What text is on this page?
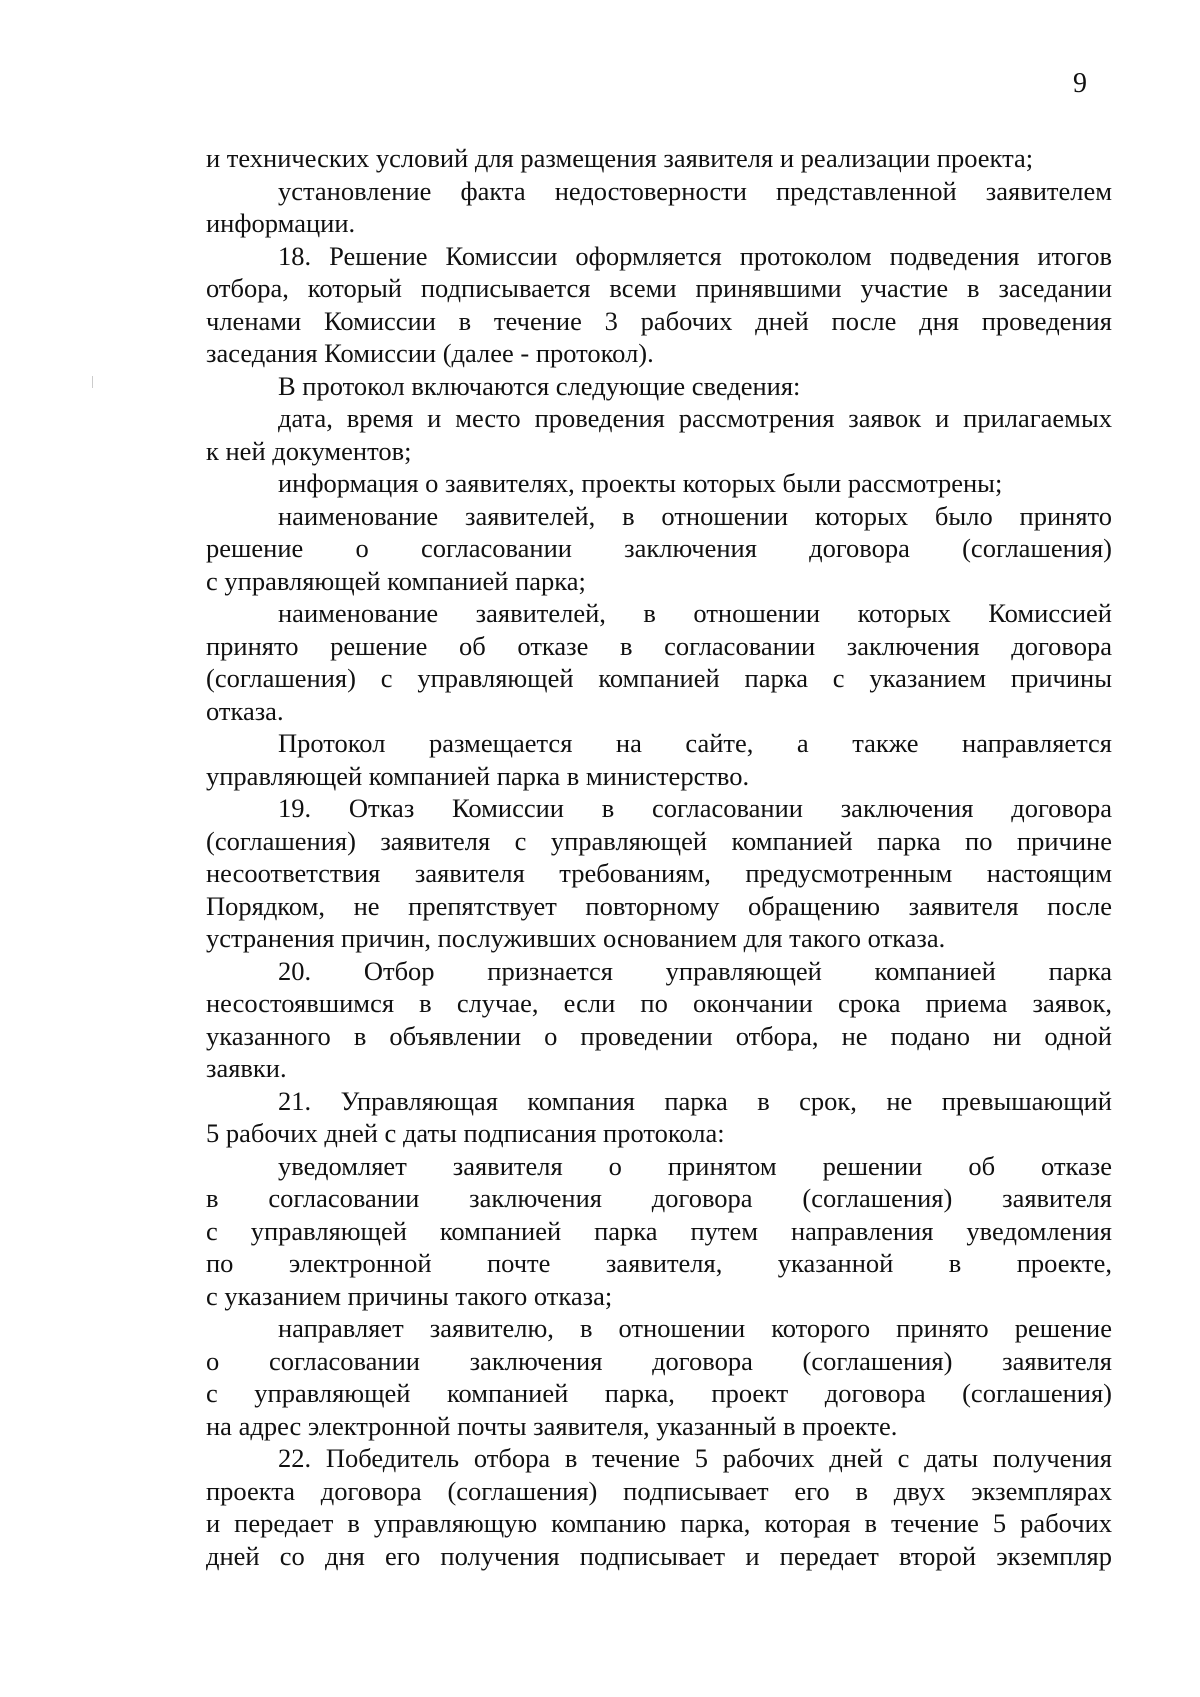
9
и технических условий для размещения заявителя и реализации проекта;
установление факта недостоверности представленной заявителем
информации.
18. Решение Комиссии оформляется протоколом подведения итогов
отбора, который подписывается всеми принявшими участие в заседании
членами Комиссии в течение 3 рабочих дней после дня проведения
заседания Комиссии (далее - протокол).
В протокол включаются следующие сведения:
дата, время и место проведения рассмотрения заявок и прилагаемых
к ней документов;
информация о заявителях, проекты которых были рассмотрены;
наименование заявителей, в отношении которых было принято
решение о согласовании заключения договора (соглашения)
с управляющей компанией парка;
наименование заявителей, в отношении которых Комиссией
принято решение об отказе в согласовании заключения договора
(соглашения) с управляющей компанией парка с указанием причины
отказа.
Протокол размещается на сайте, а также направляется
управляющей компанией парка в министерство.
19. Отказ Комиссии в согласовании заключения договора
(соглашения) заявителя с управляющей компанией парка по причине
несоответствия заявителя требованиям, предусмотренным настоящим
Порядком, не препятствует повторному обращению заявителя после
устранения причин, послуживших основанием для такого отказа.
20. Отбор признается управляющей компанией парка
несостоявшимся в случае, если по окончании срока приема заявок,
указанного в объявлении о проведении отбора, не подано ни одной
заявки.
21. Управляющая компания парка в срок, не превышающий
5 рабочих дней с даты подписания протокола:
уведомляет заявителя о принятом решении об отказе
в согласовании заключения договора (соглашения) заявителя
с управляющей компанией парка путем направления уведомления
по электронной почте заявителя, указанной в проекте,
с указанием причины такого отказа;
направляет заявителю, в отношении которого принято решение
о согласовании заключения договора (соглашения) заявителя
с управляющей компанией парка, проект договора (соглашения)
на адрес электронной почты заявителя, указанный в проекте.
22. Победитель отбора в течение 5 рабочих дней с даты получения
проекта договора (соглашения) подписывает его в двух экземплярах
и передает в управляющую компанию парка, которая в течение 5 рабочих
дней со дня его получения подписывает и передает второй экземпляр
